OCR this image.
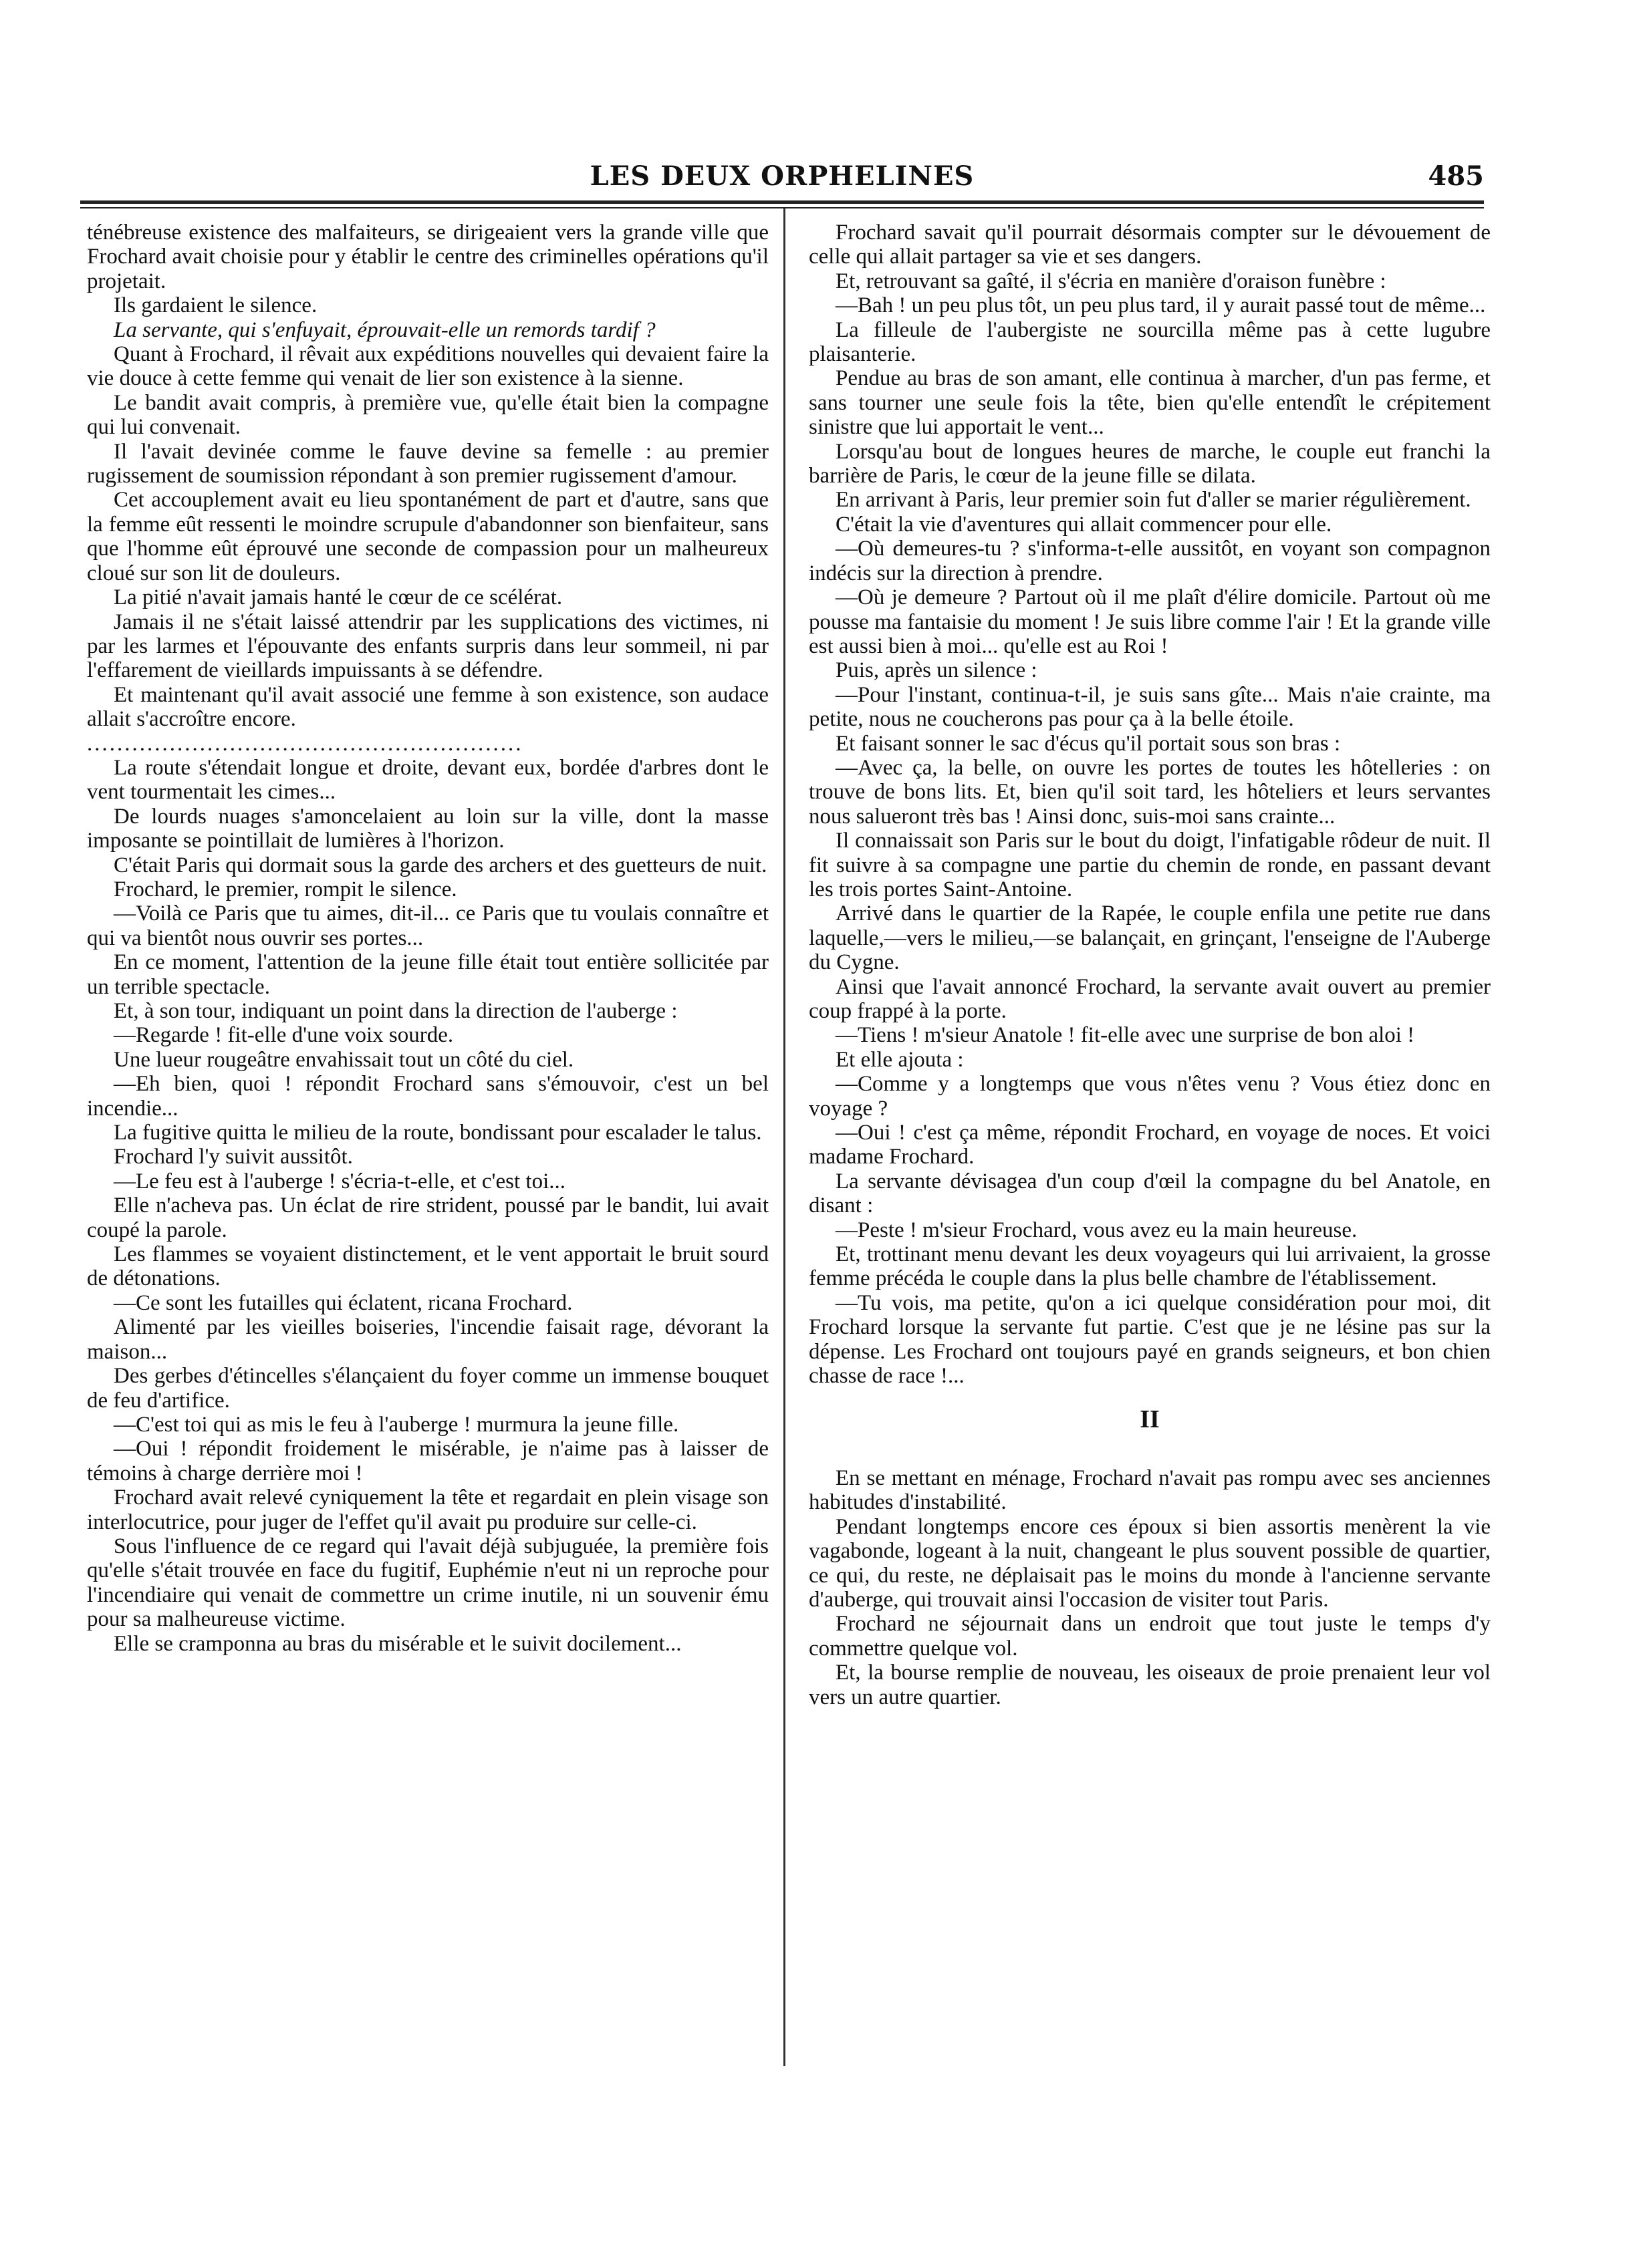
LES DEUX ORPHELINES	485

ténébreuse existence des malfaiteurs, se dirigeaient vers la grande ville que Frochard avait choisie pour y établir le centre des criminelles opérations qu'il projetait.

Ils gardaient le silence.

La servante, qui s'enfuyait, éprouvait-elle un remords tardif ?

Quant à Frochard, il rêvait aux expéditions nouvelles qui devaient faire la vie douce à cette femme qui venait de lier son existence à la sienne.

Le bandit avait compris, à première vue, qu'elle était bien la compagne qui lui convenait.

Il l'avait devinée comme le fauve devine sa femelle : au premier rugissement de soumission répondant à son premier rugissement d'amour.

Cet accouplement avait eu lieu spontanément de part et d'autre, sans que la femme eût ressenti le moindre scrupule d'abandonner son bienfaiteur, sans que l'homme eût éprouvé une seconde de compassion pour un malheureux cloué sur son lit de douleurs.

La pitié n'avait jamais hanté le cœur de ce scélérat.

Jamais il ne s'était laissé attendrir par les supplications des victimes, ni par les larmes et l'épouvante des enfants surpris dans leur sommeil, ni par l'effarement de vieillards impuissants à se défendre.

Et maintenant qu'il avait associé une femme à son existence, son audace allait s'accroître encore.

..........................................................

La route s'étendait longue et droite, devant eux, bordée d'arbres dont le vent tourmentait les cimes...

De lourds nuages s'amoncelaient au loin sur la ville, dont la masse imposante se pointillait de lumières à l'horizon.

C'était Paris qui dormait sous la garde des archers et des guetteurs de nuit.

Frochard, le premier, rompit le silence.

—Voilà ce Paris que tu aimes, dit-il... ce Paris que tu voulais connaître et qui va bientôt nous ouvrir ses portes...

En ce moment, l'attention de la jeune fille était tout entière sollicitée par un terrible spectacle.

Et, à son tour, indiquant un point dans la direction de l'auberge :

—Regarde ! fit-elle d'une voix sourde.

Une lueur rougeâtre envahissait tout un côté du ciel.

—Eh bien, quoi ! répondit Frochard sans s'émouvoir, c'est un bel incendie...

La fugitive quitta le milieu de la route, bondissant pour escalader le talus.

Frochard l'y suivit aussitôt.

—Le feu est à l'auberge ! s'écria-t-elle, et c'est toi...

Elle n'acheva pas. Un éclat de rire strident, poussé par le bandit, lui avait coupé la parole.

Les flammes se voyaient distinctement, et le vent apportait le bruit sourd de détonations.

—Ce sont les futailles qui éclatent, ricana Frochard.

Alimenté par les vieilles boiseries, l'incendie faisait rage, dévorant la maison...

Des gerbes d'étincelles s'élançaient du foyer comme un immense bouquet de feu d'artifice.

—C'est toi qui as mis le feu à l'auberge ! murmura la jeune fille.

—Oui ! répondit froidement le misérable, je n'aime pas à laisser de témoins à charge derrière moi !

Frochard avait relevé cyniquement la tête et regardait en plein visage son interlocutrice, pour juger de l'effet qu'il avait pu produire sur celle-ci.

Sous l'influence de ce regard qui l'avait déjà subjuguée, la première fois qu'elle s'était trouvée en face du fugitif, Euphémie n'eut ni un reproche pour l'incendiaire qui venait de commettre un crime inutile, ni un souvenir ému pour sa malheureuse victime.

Elle se cramponna au bras du misérable et le suivit docilement...

Frochard savait qu'il pourrait désormais compter sur le dévouement de celle qui allait partager sa vie et ses dangers.

Et, retrouvant sa gaîté, il s'écria en manière d'oraison funèbre :

—Bah ! un peu plus tôt, un peu plus tard, il y aurait passé tout de même...

La filleule de l'aubergiste ne sourcilla même pas à cette lugubre plaisanterie.

Pendue au bras de son amant, elle continua à marcher, d'un pas ferme, et sans tourner une seule fois la tête, bien qu'elle entendît le crépitement sinistre que lui apportait le vent...

Lorsqu'au bout de longues heures de marche, le couple eut franchi la barrière de Paris, le cœur de la jeune fille se dilata.

En arrivant à Paris, leur premier soin fut d'aller se marier régulièrement.

C'était la vie d'aventures qui allait commencer pour elle.

—Où demeures-tu ? s'informa-t-elle aussitôt, en voyant son compagnon indécis sur la direction à prendre.

—Où je demeure ? Partout où il me plaît d'élire domicile. Partout où me pousse ma fantaisie du moment ! Je suis libre comme l'air ! Et la grande ville est aussi bien à moi... qu'elle est au Roi !

Puis, après un silence :

—Pour l'instant, continua-t-il, je suis sans gîte... Mais n'aie crainte, ma petite, nous ne coucherons pas pour ça à la belle étoile.

Et faisant sonner le sac d'écus qu'il portait sous son bras :

—Avec ça, la belle, on ouvre les portes de toutes les hôtelleries : on trouve de bons lits. Et, bien qu'il soit tard, les hôteliers et leurs servantes nous salueront très bas ! Ainsi donc, suis-moi sans crainte...

Il connaissait son Paris sur le bout du doigt, l'infatigable rôdeur de nuit. Il fit suivre à sa compagne une partie du chemin de ronde, en passant devant les trois portes Saint-Antoine.

Arrivé dans le quartier de la Rapée, le couple enfila une petite rue dans laquelle,—vers le milieu,—se balançait, en grinçant, l'enseigne de l'Auberge du Cygne.

Ainsi que l'avait annoncé Frochard, la servante avait ouvert au premier coup frappé à la porte.

—Tiens ! m'sieur Anatole ! fit-elle avec une surprise de bon aloi !

Et elle ajouta :

—Comme y a longtemps que vous n'êtes venu ? Vous étiez donc en voyage ?

—Oui ! c'est ça même, répondit Frochard, en voyage de noces. Et voici madame Frochard.

La servante dévisagea d'un coup d'œil la compagne du bel Anatole, en disant :

—Peste ! m'sieur Frochard, vous avez eu la main heureuse.

Et, trottinant menu devant les deux voyageurs qui lui arrivaient, la grosse femme précéda le couple dans la plus belle chambre de l'établissement.

—Tu vois, ma petite, qu'on a ici quelque considération pour moi, dit Frochard lorsque la servante fut partie. C'est que je ne lésine pas sur la dépense. Les Frochard ont toujours payé en grands seigneurs, et bon chien chasse de race !...

II

En se mettant en ménage, Frochard n'avait pas rompu avec ses anciennes habitudes d'instabilité.

Pendant longtemps encore ces époux si bien assortis menèrent la vie vagabonde, logeant à la nuit, changeant le plus souvent possible de quartier, ce qui, du reste, ne déplaisait pas le moins du monde à l'ancienne servante d'auberge, qui trouvait ainsi l'occasion de visiter tout Paris.

Frochard ne séjournait dans un endroit que tout juste le temps d'y commettre quelque vol.

Et, la bourse remplie de nouveau, les oiseaux de proie prenaient leur vol vers un autre quartier.
